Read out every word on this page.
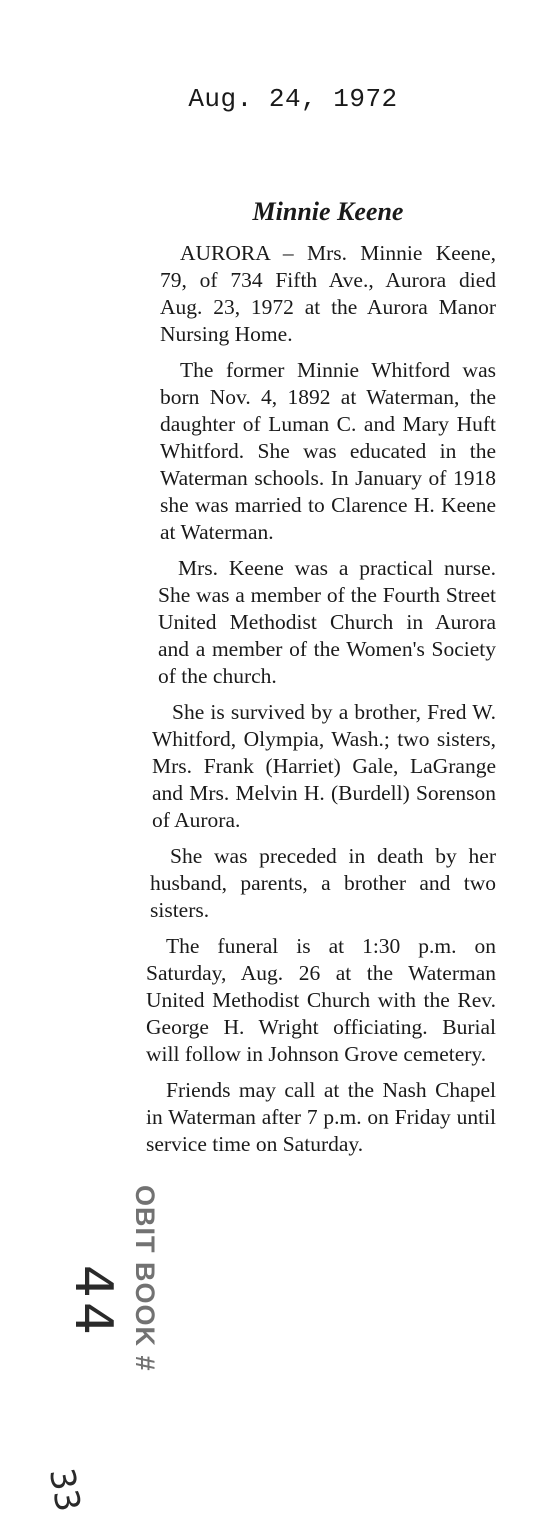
Aug. 24, 1972
Minnie Keene

AURORA – Mrs. Minnie Keene, 79, of 734 Fifth Ave., Aurora died Aug. 23, 1972 at the Aurora Manor Nursing Home.

The former Minnie Whitford was born Nov. 4, 1892 at Waterman, the daughter of Luman C. and Mary Huft Whitford. She was educated in the Waterman schools. In January of 1918 she was married to Clarence H. Keene at Waterman.

Mrs. Keene was a practical nurse. She was a member of the Fourth Street United Methodist Church in Aurora and a member of the Women's Society of the church.

She is survived by a brother, Fred W. Whitford, Olympia, Wash.; two sisters, Mrs. Frank (Harriet) Gale, LaGrange and Mrs. Melvin H. (Burdell) Sorenson of Aurora.

She was preceded in death by her husband, parents, a brother and two sisters.

The funeral is at 1:30 p.m. on Saturday, Aug. 26 at the Waterman United Methodist Church with the Rev. George H. Wright officiating. Burial will follow in Johnson Grove cemetery.

Friends may call at the Nash Chapel in Waterman after 7 p.m. on Friday until service time on Saturday.

OBIT BOOK #
44
33
